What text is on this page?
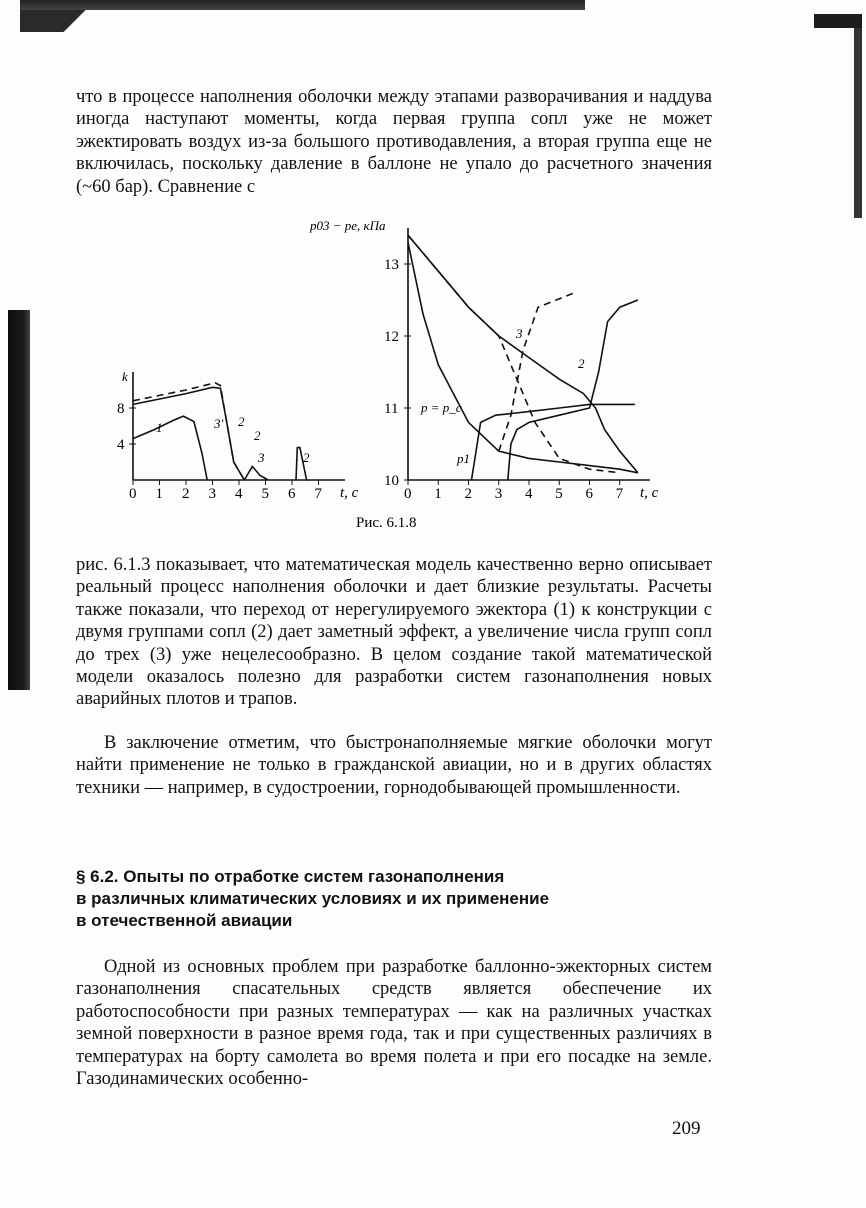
что в процессе наполнения оболочки между этапами разворачивания и наддува иногда наступают моменты, когда первая группа сопл уже не может эжектировать воздух из-за большого противодавления, а вторая группа еще не включилась, поскольку давление в баллоне не упало до расчетного значения (~60 бар). Сравнение с

0 1 2 3 4 5 6 7
4
8
k
t, c
1	2
3'
2
3
2
0 1 2 3 4 5 6 7
10
11
12
13
p03 − pe, кПа
t, c
3
2
p = p_c
p1
Рис. 6.1.8

рис. 6.1.3 показывает, что математическая модель качественно верно описывает реальный процесс наполнения оболочки и дает близкие результаты. Расчеты также показали, что переход от нерегулируемого эжектора (1) к конструкции с двумя группами сопл (2) дает заметный эффект, а увеличение числа групп сопл до трех (3) уже нецелесообразно. В целом создание такой математической модели оказалось полезно для разработки систем газонаполнения новых аварийных плотов и трапов.

В заключение отметим, что быстронаполняемые мягкие оболочки могут найти применение не только в гражданской авиации, но и в других областях техники — например, в судостроении, горнодобывающей промышленности.

§ 6.2. Опыты по отработке систем газонаполнения
в различных климатических условиях и их применение
в отечественной авиации

Одной из основных проблем при разработке баллонно-эжекторных систем газонаполнения спасательных средств является обеспечение их работоспособности при разных температурах — как на различных участках земной поверхности в разное время года, так и при существенных различиях в температурах на борту самолета во время полета и при его посадке на земле. Газодинамических особенно-

209
